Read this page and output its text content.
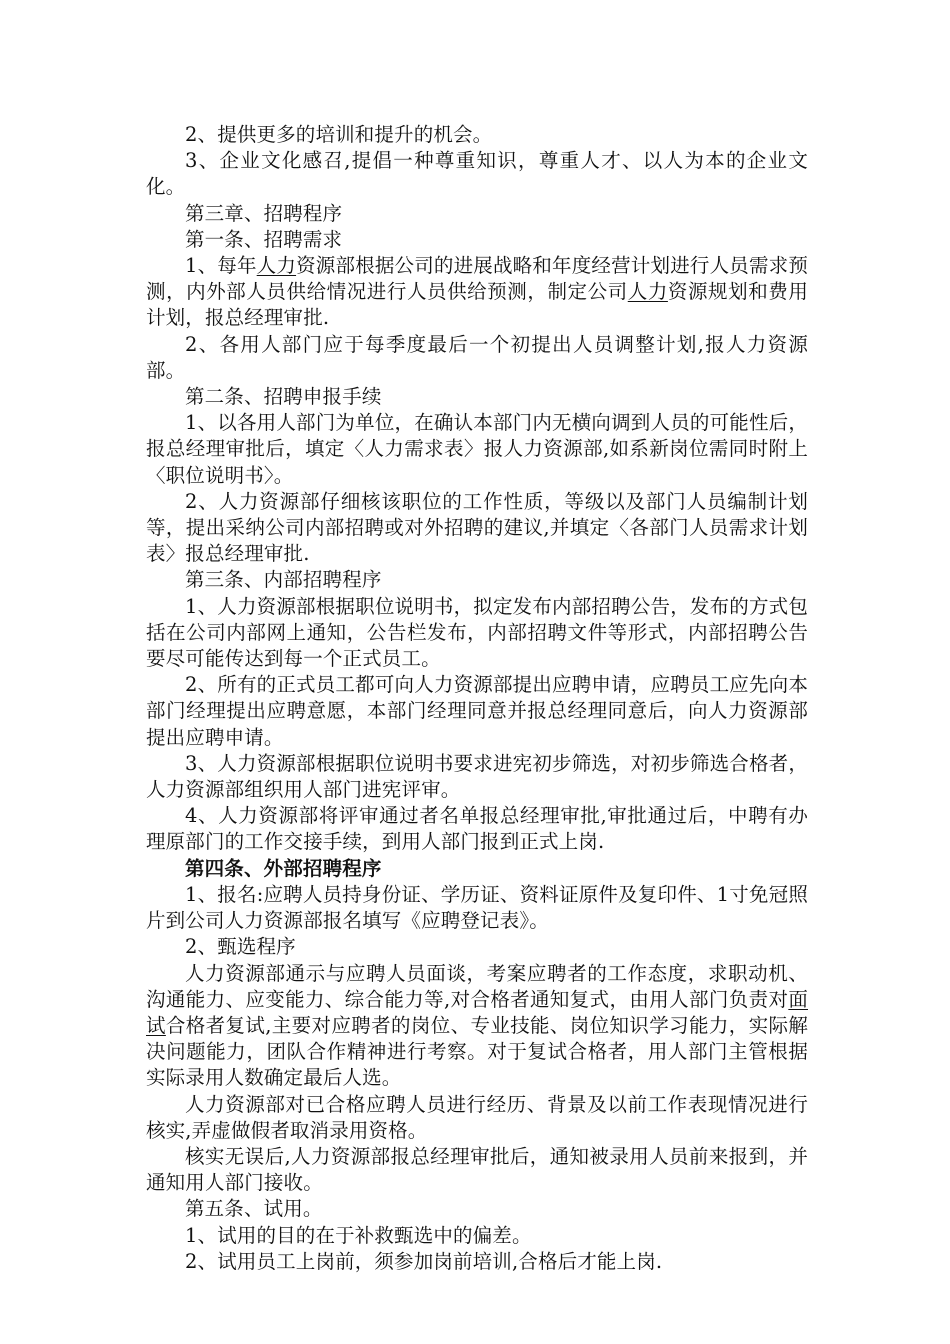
2、提供更多的培训和提升的机会。

3、企业文化感召,提倡一种尊重知识，尊重人才、以人为本的企业文化。

第三章、招聘程序

第一条、招聘需求

1、每年人力资源部根据公司的进展战略和年度经营计划进行人员需求预测，内外部人员供给情况进行人员供给预测，制定公司人力资源规划和费用计划，报总经理审批.

2、各用人部门应于每季度最后一个初提出人员调整计划,报人力资源部。

第二条、招聘申报手续

1、以各用人部门为单位，在确认本部门内无横向调到人员的可能性后，报总经理审批后，填定〈人力需求表〉报人力资源部,如系新岗位需同时附上〈职位说明书〉。

2、人力资源部仔细核该职位的工作性质，等级以及部门人员编制计划等，提出采纳公司内部招聘或对外招聘的建议,并填定〈各部门人员需求计划表〉报总经理审批.

第三条、内部招聘程序

1、人力资源部根据职位说明书，拟定发布内部招聘公告，发布的方式包括在公司内部网上通知，公告栏发布，内部招聘文件等形式，内部招聘公告要尽可能传达到每一个正式员工。

2、所有的正式员工都可向人力资源部提出应聘申请，应聘员工应先向本部门经理提出应聘意愿，本部门经理同意并报总经理同意后，向人力资源部提出应聘申请。

3、人力资源部根据职位说明书要求进宪初步筛选，对初步筛选合格者，人力资源部组织用人部门进宪评审。

4、人力资源部将评审通过者名单报总经理审批,审批通过后，中聘有办理原部门的工作交接手续，到用人部门报到正式上岗.

第四条、外部招聘程序

1、报名:应聘人员持身份证、学历证、资料证原件及复印件、1寸免冠照片到公司人力资源部报名填写《应聘登记表》。

2、甄选程序

人力资源部通示与应聘人员面谈，考案应聘者的工作态度，求职动机、沟通能力、应变能力、综合能力等,对合格者通知复式，由用人部门负责对面试合格者复试,主要对应聘者的岗位、专业技能、岗位知识学习能力，实际解决问题能力，团队合作精神进行考察。对于复试合格者，用人部门主管根据实际录用人数确定最后人选。

人力资源部对已合格应聘人员进行经历、背景及以前工作表现情况进行核实,弄虚做假者取消录用资格。

核实无误后,人力资源部报总经理审批后，通知被录用人员前来报到，并通知用人部门接收。

第五条、试用。

1、试用的目的在于补救甄选中的偏差。

2、试用员工上岗前，须参加岗前培训,合格后才能上岗.
